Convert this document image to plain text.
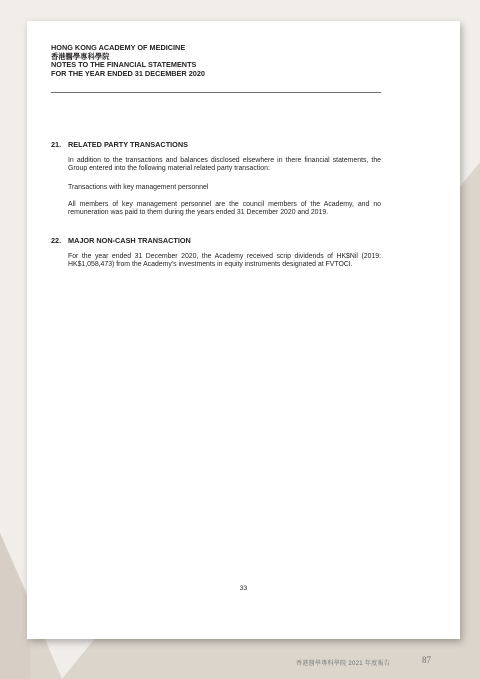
HONG KONG ACADEMY OF MEDICINE
香港醫學專科學院
NOTES TO THE FINANCIAL STATEMENTS
FOR THE YEAR ENDED 31 DECEMBER 2020
21. RELATED PARTY TRANSACTIONS
In addition to the transactions and balances disclosed elsewhere in there financial statements, the Group entered into the following material related party transaction:
Transactions with key management personnel
All members of key management personnel are the council members of the Academy, and no remuneration was paid to them during the years ended 31 December 2020 and 2019.
22. MAJOR NON-CASH TRANSACTION
For the year ended 31 December 2020, the Academy received scrip dividends of HK$Nil (2019: HK$1,058,473) from the Academy's investments in equity instruments designated at FVTOCI.
33
香港醫學專科學院 2021 年度報告	87
